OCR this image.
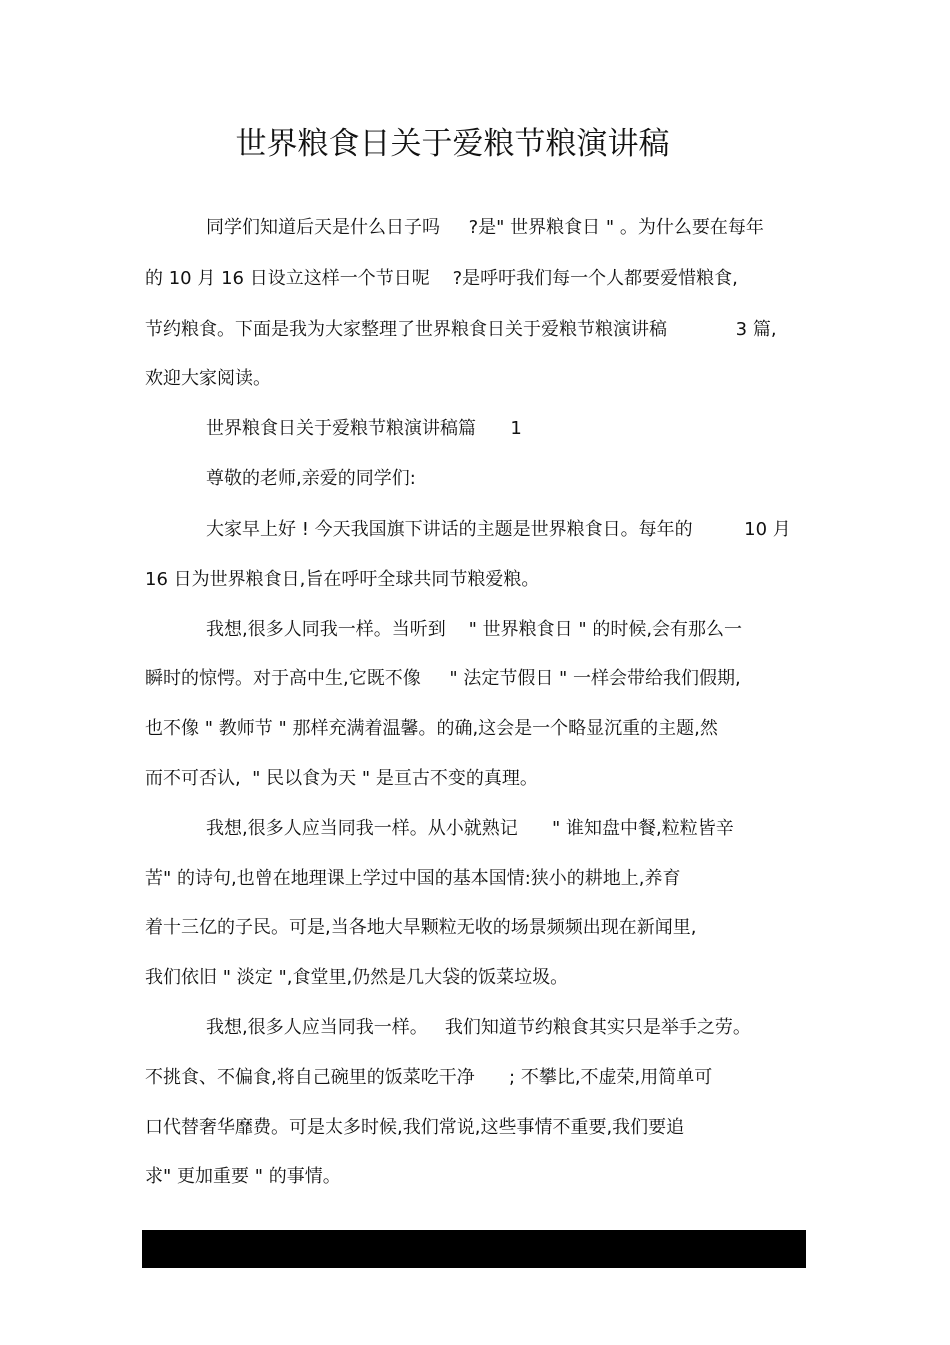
世界粮食日关于爱粮节粮演讲稿
同学们知道后天是什么日子吗     ?是" 世界粮食日 " 。为什么要在每年
的 10 月 16 日设立这样一个节日呢    ?是呼吁我们每一个人都要爱惜粮食,
节约粮食。下面是我为大家整理了世界粮食日关于爱粮节粮演讲稿            3 篇,
欢迎大家阅读。
世界粮食日关于爱粮节粮演讲稿篇      1
尊敬的老师,亲爱的同学们:
大家早上好 ! 今天我国旗下讲话的主题是世界粮食日。每年的         10 月
16 日为世界粮食日,旨在呼吁全球共同节粮爱粮。
我想,很多人同我一样。当听到    " 世界粮食日 " 的时候,会有那么一
瞬时的惊愕。对于高中生,它既不像     " 法定节假日 " 一样会带给我们假期,
也不像 " 教师节 " 那样充满着温馨。的确,这会是一个略显沉重的主题,然
而不可否认,  " 民以食为天 " 是亘古不变的真理。
我想,很多人应当同我一样。从小就熟记      " 谁知盘中餐,粒粒皆辛
苦" 的诗句,也曾在地理课上学过中国的基本国情:狭小的耕地上,养育
着十三亿的子民。可是,当各地大旱颗粒无收的场景频频出现在新闻里,
我们依旧 " 淡定 ",食堂里,仍然是几大袋的饭菜垃圾。
我想,很多人应当同我一样。   我们知道节约粮食其实只是举手之劳。
不挑食、不偏食,将自己碗里的饭菜吃干净      ; 不攀比,不虚荣,用简单可
口代替奢华靡费。可是太多时候,我们常说,这些事情不重要,我们要追
求" 更加重要 " 的事情。
